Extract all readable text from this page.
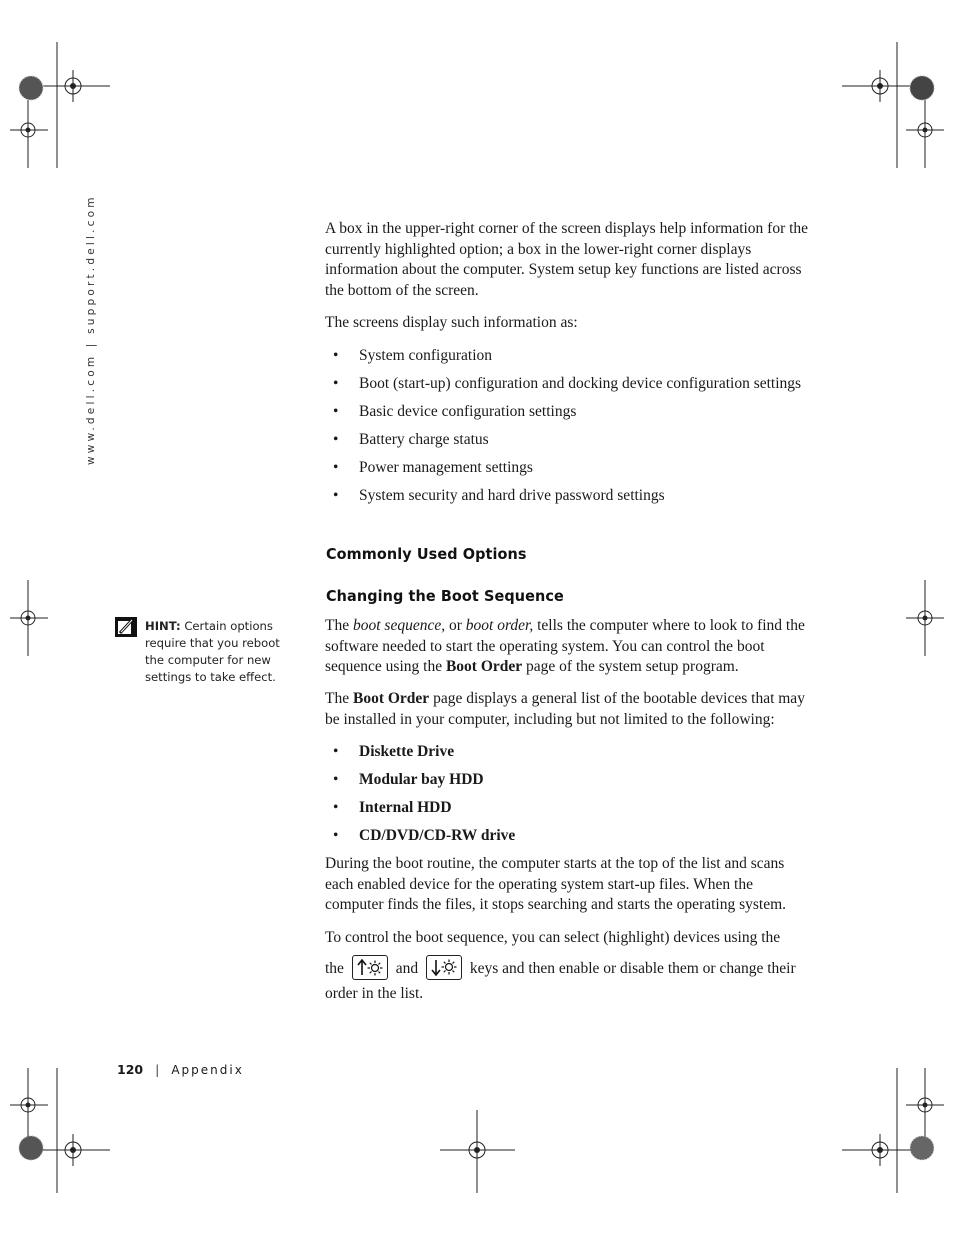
www.dell.com | support.dell.com	A box in the upper-right corner of the screen displays help information for the currently highlighted option; a box in the lower-right corner displays information about the computer. System setup key functions are listed across the bottom of the screen.
The screens display such information as:
• System configuration
• Boot (start-up) configuration and docking device configuration settings
• Basic device configuration settings
• Battery charge status
• Power management settings
• System security and hard drive password settings
Commonly Used Options
Changing the Boot Sequence
HINT: Certain options require that you reboot the computer for new settings to take effect.
The boot sequence, or boot order, tells the computer where to look to find the software needed to start the operating system. You can control the boot sequence using the Boot Order page of the system setup program.
The Boot Order page displays a general list of the bootable devices that may be installed in your computer, including but not limited to the following:
• Diskette Drive
• Modular bay HDD
• Internal HDD
• CD/DVD/CD-RW drive
During the boot routine, the computer starts at the top of the list and scans each enabled device for the operating system start-up files. When the computer finds the files, it stops searching and starts the operating system.
To control the boot sequence, you can select (highlight) devices using the
the	and	keys and then enable or disable them or change their
order in the list.
120 | Appendix
